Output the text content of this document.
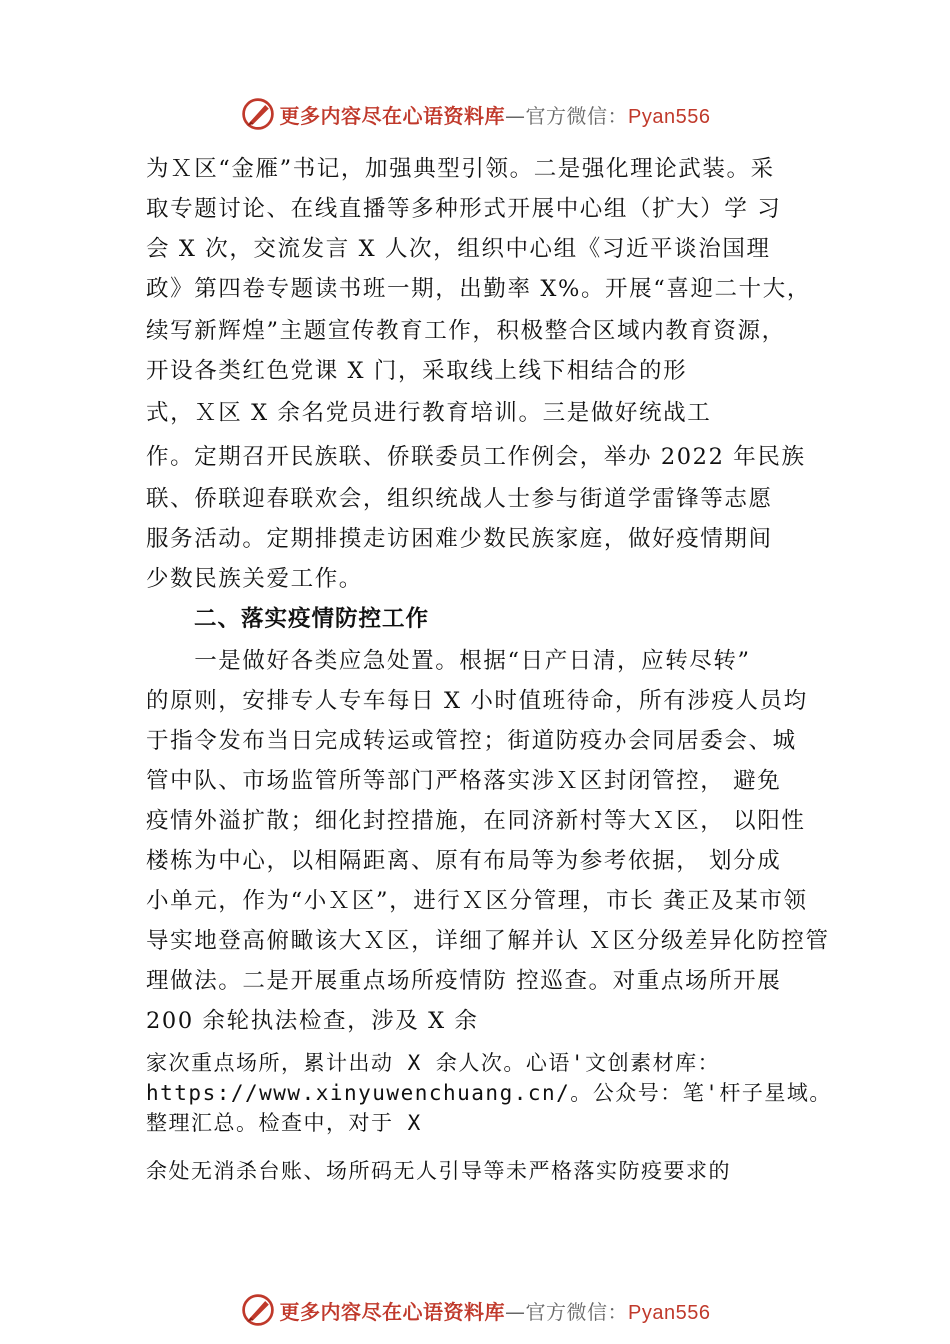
更多内容尽在心语资料库—官方微信：Pyan556
为Ｘ区“金雁”书记，加强典型引领。二是强化理论武装。采
取专题讨论、在线直播等多种形式开展中心组（扩大）学 习
会 X 次，交流发言 X 人次，组织中心组《习近平谈治国理
政》第四卷专题读书班一期，出勤率 X%。开展“喜迎二十大，
续写新辉煌”主题宣传教育工作，积极整合区域内教育资源，
开设各类红色党课 X 门，采取线上线下相结合的形
式，Ｘ区 X 余名党员进行教育培训。三是做好统战工
作。定期召开民族联、侨联委员工作例会，举办 2022 年民族
联、侨联迎春联欢会，组织统战人士参与街道学雷锋等志愿
服务活动。定期排摸走访困难少数民族家庭，做好疫情期间
少数民族关爱工作。
二、落实疫情防控工作
　　一是做好各类应急处置。根据“日产日清，应转尽转”
的原则，安排专人专车每日 X 小时值班待命，所有涉疫人员均
于指令发布当日完成转运或管控；街道防疫办会同居委会、城
管中队、市场监管所等部门严格落实涉Ｘ区封闭管控， 避免
疫情外溢扩散；细化封控措施，在同济新村等大Ｘ区， 以阳性
楼栋为中心，以相隔距离、原有布局等为参考依据， 划分成
小单元，作为“小Ｘ区”，进行Ｘ区分管理，市长 龚正及某市领
导实地登高俯瞰该大Ｘ区，详细了解并认 Ｘ区分级差异化防控管
理做法。二是开展重点场所疫情防 控巡查。对重点场所开展
200 余轮执法检查，涉及 X 余
家次重点场所，累计出动 X 余人次。心语'文创素材库：
https://www.xinyuwenchuang.cn/。公众号：笔'杆子星域。
整理汇总。检查中，对于 X
余处无消杀台账、场所码无人引导等未严格落实防疫要求的
更多内容尽在心语资料库—官方微信：Pyan556
